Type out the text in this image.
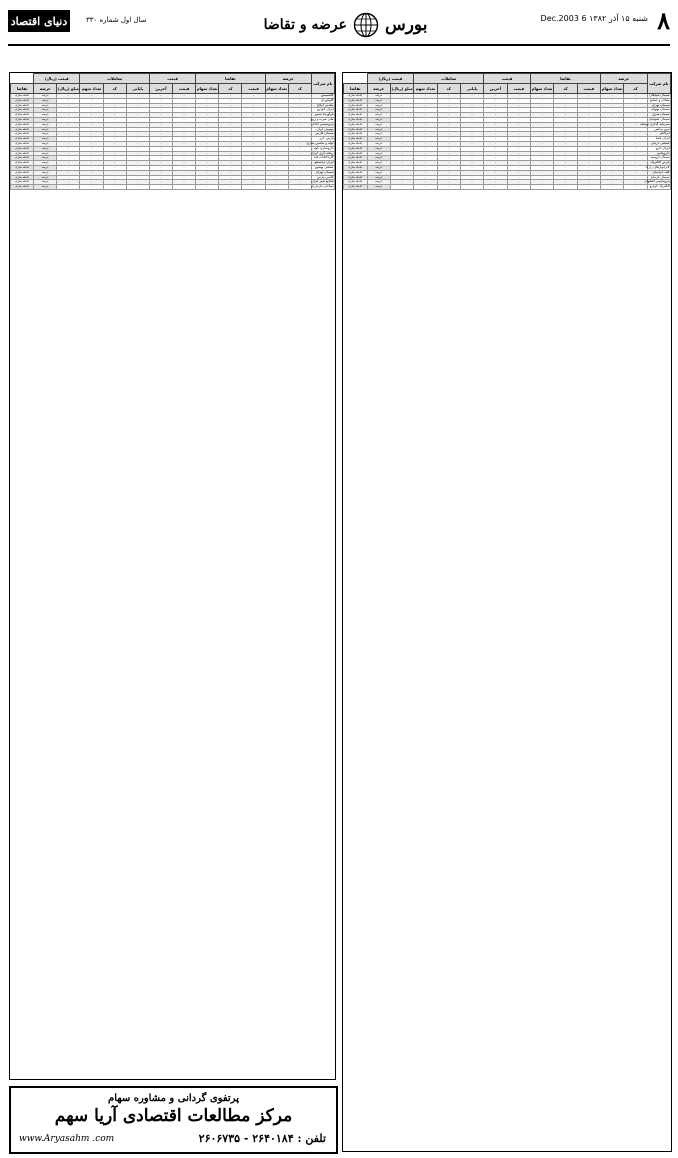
۸
شنبه ۱۵ آذر ۱۳۸۲ 6 Dec.2003
بورس
عرضه و تقاضا
سال اول شماره ۳۳۰
دنیای اقتصاد
نام شرکت	عرضه		تقاضا			قیمت		معاملات			قیمت (ریال)		
	کد	تعداد سهام	قیمت	کد	تعداد سهام	قیمت	آخرین	پایانی	کد	تعداد سهم	مبلغ (ریال)	عرضه	تقاضا
کالسیمین	-	-	-	-	-	-	-	-	-	-	-	عرضه	عامله سازی
گلوکوزان	-	-	-	-	-	-	-	-	-	-	-	عرضه	عامله سازی
معدنی املاح	-	-	-	-	-	-	-	-	-	-	-	عرضه	عامله سازی
ایران خودرو	-	-	-	-	-	-	-	-	-	-	-	عرضه	عامله سازی
فرآورده نسوز	-	-	-	-	-	-	-	-	-	-	-	عرضه	عامله سازی
ملی سرب و روی	-	-	-	-	-	-	-	-	-	-	-	عرضه	عامله سازی
پتروشیمی آبادان	-	-	-	-	-	-	-	-	-	-	-	عرضه	عامله سازی
بهنوش ایران	-	-	-	-	-	-	-	-	-	-	-	عرضه	عامله سازی
سیمان فارس	-	-	-	-	-	-	-	-	-	-	-	عرضه	عامله سازی
پارس خزر	-	-	-	-	-	-	-	-	-	-	-	عرضه	عامله سازی
لوله و ماشین سازی	-	-	-	-	-	-	-	-	-	-	-	عرضه	عامله سازی
داروسازی کوثر	-	-	-	-	-	-	-	-	-	-	-	عرضه	عامله سازی
ریخته گری ایران	-	-	-	-	-	-	-	-	-	-	-	عرضه	عامله سازی
کارخانجات قند	-	-	-	-	-	-	-	-	-	-	-	عرضه	عامله سازی
ایران ترانسفو	-	-	-	-	-	-	-	-	-	-	-	عرضه	عامله سازی
صنعتی بهشهر	-	-	-	-	-	-	-	-	-	-	-	عرضه	عامله سازی
سیمان تهران	-	-	-	-	-	-	-	-	-	-	-	عرضه	عامله سازی
کاشی پارس	-	-	-	-	-	-	-	-	-	-	-	عرضه	عامله سازی
صنایع شیر ایران	-	-	-	-	-	-	-	-	-	-	-	عرضه	عامله سازی
نساجی مازندران	-	-	-	-	-	-	-	-	-	-	-	عرضه	عامله سازی
نام شرکت	عرضه		تقاضا			قیمت		معاملات			قیمت (ریال)		
	کد	تعداد سهام	قیمت	کد	تعداد سهام	قیمت	آخرین	پایانی	کد	تعداد سهم	مبلغ (ریال)	عرضه	تقاضا
سیمان سپاهان	-	-	-	-	-	-	-	-	-	-	-	عرضه	عامله سازی
معادن و صنایع	-	-	-	-	-	-	-	-	-	-	-	عرضه	عامله سازی
سیمان تهران	-	-	-	-	-	-	-	-	-	-	-	عرضه	عامله سازی
سیمان بهبهان	-	-	-	-	-	-	-	-	-	-	-	عرضه	عامله سازی
سیمان شرق	-	-	-	-	-	-	-	-	-	-	-	عرضه	عامله سازی
سیمان صوفیان	-	-	-	-	-	-	-	-	-	-	-	عرضه	عامله سازی
سرمایه گذاری توسعه	-	-	-	-	-	-	-	-	-	-	-	عرضه	عامله سازی
نیرو ترانس	-	-	-	-	-	-	-	-	-	-	-	عرضه	عامله سازی
ایرالکو	-	-	-	-	-	-	-	-	-	-	-	عرضه	عامله سازی
ایران یاسا	-	-	-	-	-	-	-	-	-	-	-	عرضه	عامله سازی
صنعتی دریایی	-	-	-	-	-	-	-	-	-	-	-	عرضه	عامله سازی
ایران دارو	-	-	-	-	-	-	-	-	-	-	-	عرضه	عامله سازی
داروپخش	-	-	-	-	-	-	-	-	-	-	-	عرضه	عامله سازی
سیمان ارومیه	-	-	-	-	-	-	-	-	-	-	-	عرضه	عامله سازی
پارس الکتریک	-	-	-	-	-	-	-	-	-	-	-	عرضه	عامله سازی
لابراتوارهای رازک	-	-	-	-	-	-	-	-	-	-	-	عرضه	عامله سازی
کف خراسان	-	-	-	-	-	-	-	-	-	-	-	عرضه	عامله سازی
سیمان کرمان	-	-	-	-	-	-	-	-	-	-	-	عرضه	عامله سازی
پتروشیمی اصفهان	-	-	-	-	-	-	-	-	-	-	-	عرضه	عامله سازی
الکتریک خودرو	-	-	-	-	-	-	-	-	-	-	-	عرضه	عامله سازی
پرتفوی گردانی و مشاوره سهام
مرکز مطالعات اقتصادی آریا سهم
تلفن : ۲۶۴۰۱۸۴ - ۲۶۰۶۷۳۵
www.Aryasahm .com
